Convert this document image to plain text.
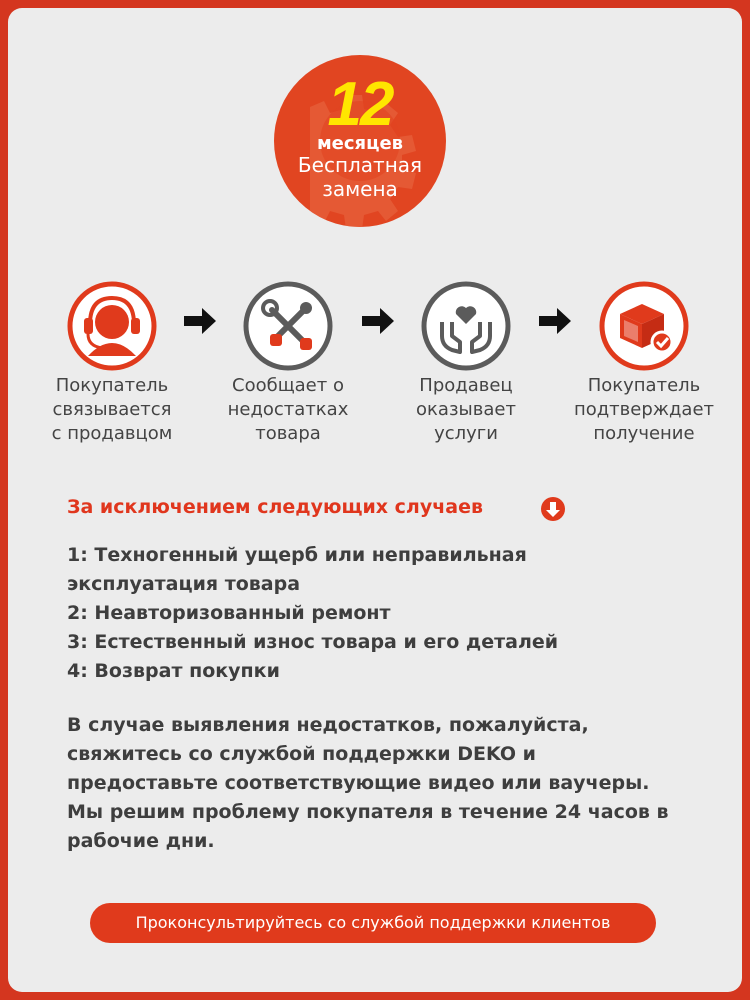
12
месяцев
Бесплатная
замена
Покупатель
связывается
с продавцом
Сообщает о
недостатках
товара
Продавец
оказывает
услуги
Покупатель
подтверждает
получение
За исключением следующих случаев
1: Техногенный ущерб или неправильная
эксплуатация товара
2: Неавторизованный ремонт
3: Естественный износ товара и его деталей
4: Возврат покупки
В случае выявления недостатков, пожалуйста,
свяжитесь со службой поддержки DEKO и
предоставьте соответствующие видео или ваучеры.
Мы решим проблему покупателя в течение 24 часов в
рабочие дни.
Проконсультируйтесь со службой поддержки клиентов
